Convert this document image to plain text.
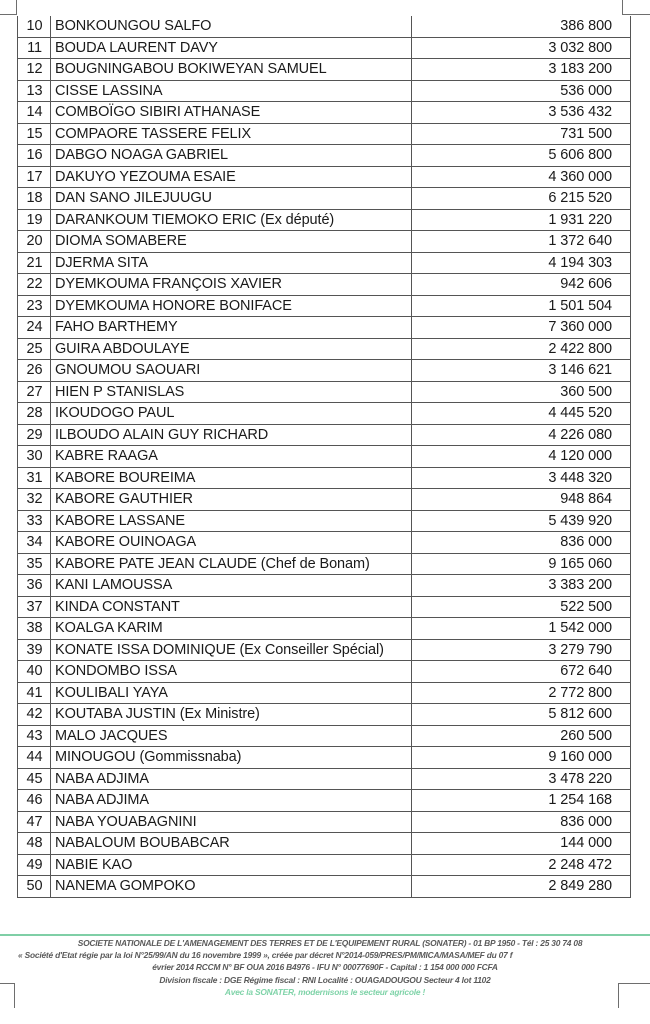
10	BONKOUNGOU SALFO	386 800
11	BOUDA LAURENT DAVY	3 032 800
12	BOUGNINGABOU BOKIWEYAN SAMUEL	3 183 200
13	CISSE LASSINA	536 000
14	COMBOÏGO SIBIRI ATHANASE	3 536 432
15	COMPAORE TASSERE FELIX	731 500
16	DABGO NOAGA GABRIEL	5 606 800
17	DAKUYO YEZOUMA ESAIE	4 360 000
18	DAN SANO JILEJUUGU	6 215 520
19	DARANKOUM TIEMOKO ERIC (Ex député)	1 931 220
20	DIOMA SOMABERE	1 372 640
21	DJERMA SITA	4 194 303
22	DYEMKOUMA FRANÇOIS XAVIER	942 606
23	DYEMKOUMA HONORE BONIFACE	1 501 504
24	FAHO BARTHEMY	7 360 000
25	GUIRA ABDOULAYE	2 422 800
26	GNOUMOU SAOUARI	3 146 621
27	HIEN P STANISLAS	360 500
28	IKOUDOGO PAUL	4 445 520
29	ILBOUDO ALAIN GUY RICHARD	4 226 080
30	KABRE RAAGA	4 120 000
31	KABORE BOUREIMA	3 448 320
32	KABORE GAUTHIER	948 864
33	KABORE LASSANE	5 439 920
34	KABORE OUINOAGA	836 000
35	KABORE PATE JEAN CLAUDE (Chef de Bonam)	9 165 060
36	KANI LAMOUSSA	3 383 200
37	KINDA CONSTANT	522 500
38	KOALGA KARIM	1 542 000
39	KONATE ISSA DOMINIQUE (Ex Conseiller Spécial)	3 279 790
40	KONDOMBO ISSA	672 640
41	KOULIBALI YAYA	2 772 800
42	KOUTABA JUSTIN (Ex Ministre)	5 812 600
43	MALO JACQUES	260 500
44	MINOUGOU (Gommissnaba)	9 160 000
45	NABA ADJIMA	3 478 220
46	NABA ADJIMA	1 254 168
47	NABA YOUABAGNINI	836 000
48	NABALOUM BOUBABCAR	144 000
49	NABIE KAO	2 248 472
50	NANEMA GOMPOKO	2 849 280
SOCIETE NATIONALE DE L'AMENAGEMENT DES TERRES ET DE L'EQUIPEMENT RURAL (SONATER) - 01 BP 1950 - Tél : 25 30 74 08
« Société d'Etat régie par la loi N°25/99/AN du 16 novembre 1999 », créée par décret N°2014-059/PRES/PM/MICA/MASA/MEF du 07 f
évrier 2014 RCCM N° BF OUA 2016 B4976 - IFU N° 00077690F - Capital : 1 154 000 000 FCFA
Division fiscale : DGE Régime fiscal : RNI Localité : OUAGADOUGOU Secteur 4 lot 1102
Avec la SONATER, modernisons le secteur agricole !
